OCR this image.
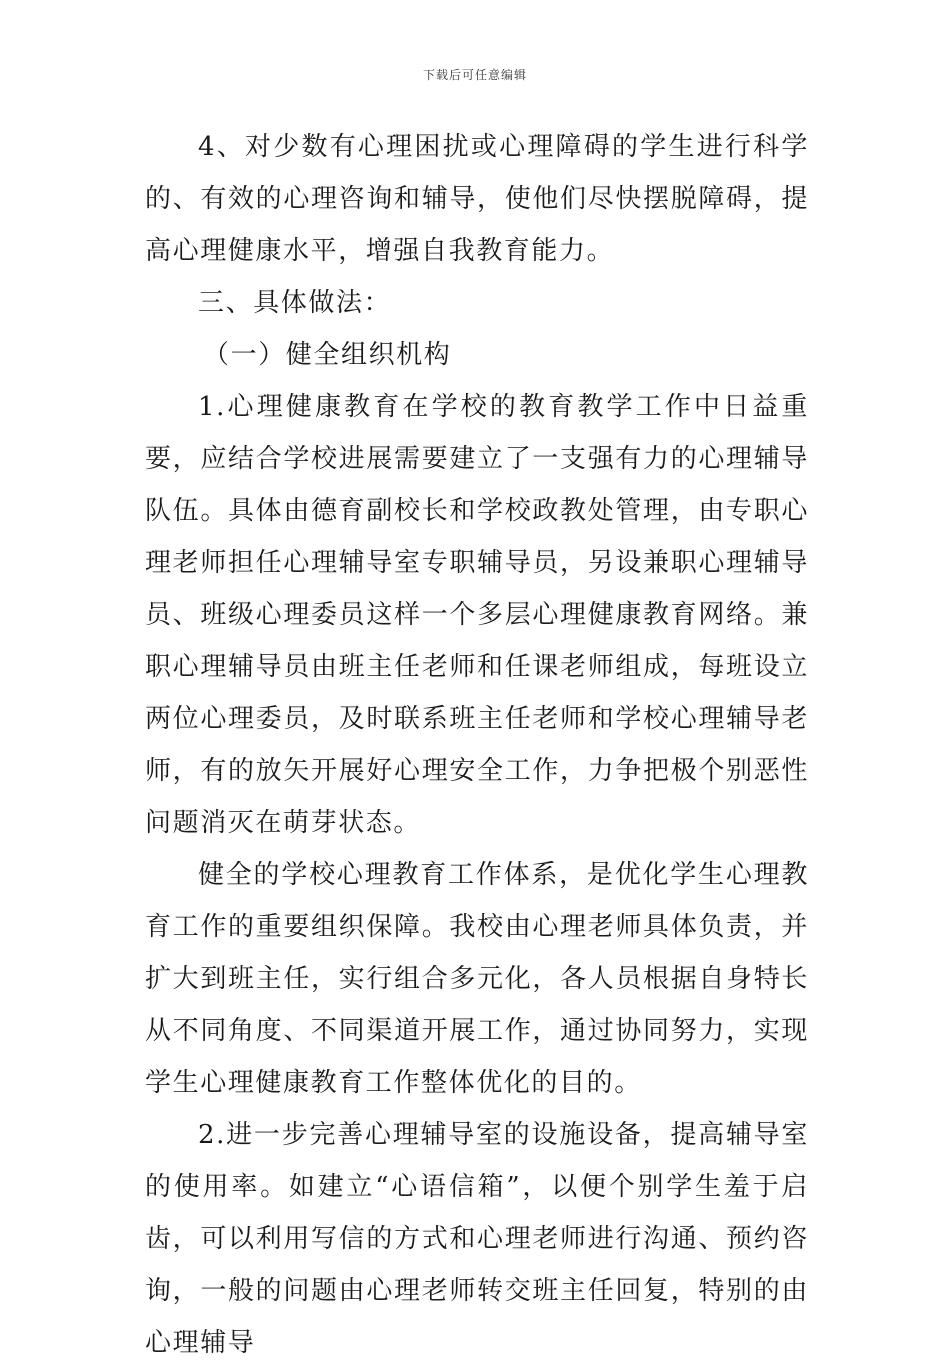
下载后可任意编辑

4、对少数有心理困扰或心理障碍的学生进行科学的、有效的心理咨询和辅导，使他们尽快摆脱障碍，提高心理健康水平，增强自我教育能力。

三、具体做法：

（一）健全组织机构

1.心理健康教育在学校的教育教学工作中日益重要，应结合学校进展需要建立了一支强有力的心理辅导队伍。具体由德育副校长和学校政教处管理，由专职心理老师担任心理辅导室专职辅导员，另设兼职心理辅导员、班级心理委员这样一个多层心理健康教育网络。兼职心理辅导员由班主任老师和任课老师组成，每班设立两位心理委员，及时联系班主任老师和学校心理辅导老师，有的放矢开展好心理安全工作，力争把极个别恶性问题消灭在萌芽状态。

健全的学校心理教育工作体系，是优化学生心理教育工作的重要组织保障。我校由心理老师具体负责，并扩大到班主任，实行组合多元化，各人员根据自身特长从不同角度、不同渠道开展工作，通过协同努力，实现学生心理健康教育工作整体优化的目的。

2.进一步完善心理辅导室的设施设备，提高辅导室的使用率。如建立“心语信箱”，以便个别学生羞于启齿，可以利用写信的方式和心理老师进行沟通、预约咨询，一般的问题由心理老师转交班主任回复，特别的由心理辅导
